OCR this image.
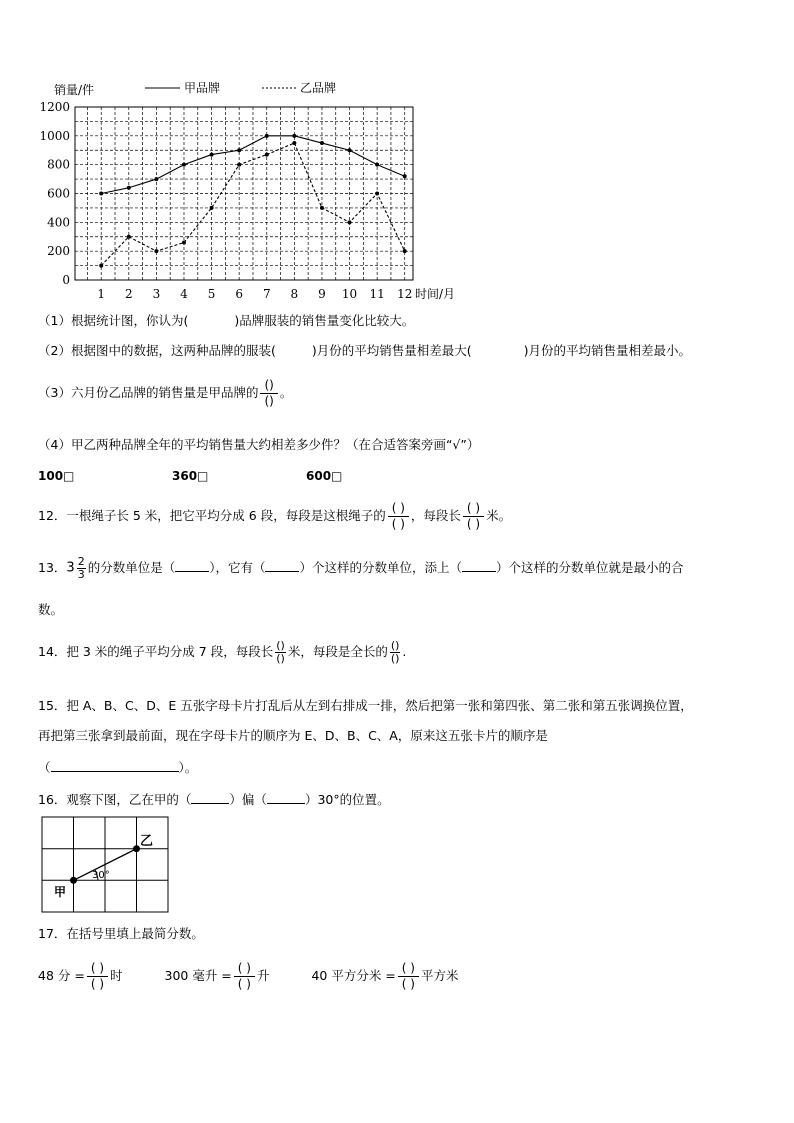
0
200
400
600
800
1000
1200
1 2 3 4 5 6 7 8 9 10 11 12 时间/月
销量/件	甲品牌	乙品牌
（1）根据统计图，你认为(	)品牌服装的销售量变化比较大。
（2）根据图中的数据，这两种品牌的服装(	)月份的平均销售量相差最大(	)月份的平均销售量相差最小。
（3）六月份乙品牌的销售量是甲品牌的 $\frac{()}{()}$ 。
（4）甲乙两种品牌全年的平均销售量大约相差多少件？（在合适答案旁画“√”）
100□	360□	600□
12．一根绳子长 5 米，把它平均分成 6 段，每段是这根绳子的 $\frac{( )}{( )}$ ，每段长 $\frac{( )}{( )}$ 米。
13．$3 \frac{2}{3}$ 的分数单位是（	），它有（	）个这样的分数单位，添上（	）个这样的分数单位就是最小的合
数。
14．把 3 米的绳子平均分成 7 段，每段长 $\frac{()}{()}$ 米，每段是全长的 $\frac{()}{()}$ .
15．把 A、B、C、D、E 五张字母卡片打乱后从左到右排成一排，然后把第一张和第四张、第二张和第五张调换位置，
再把第三张拿到最前面，现在字母卡片的顺序为 E、D、B、C、A，原来这五张卡片的顺序是
（	）。
16．观察下图，乙在甲的（	）偏（	）30°的位置。
乙
甲
30°
17．在括号里填上最简分数。
48 分 = $\frac{( )}{( )}$ 时	300 毫升 = $\frac{( )}{( )}$ 升	40 平方分米 = $\frac{( )}{( )}$ 平方米
